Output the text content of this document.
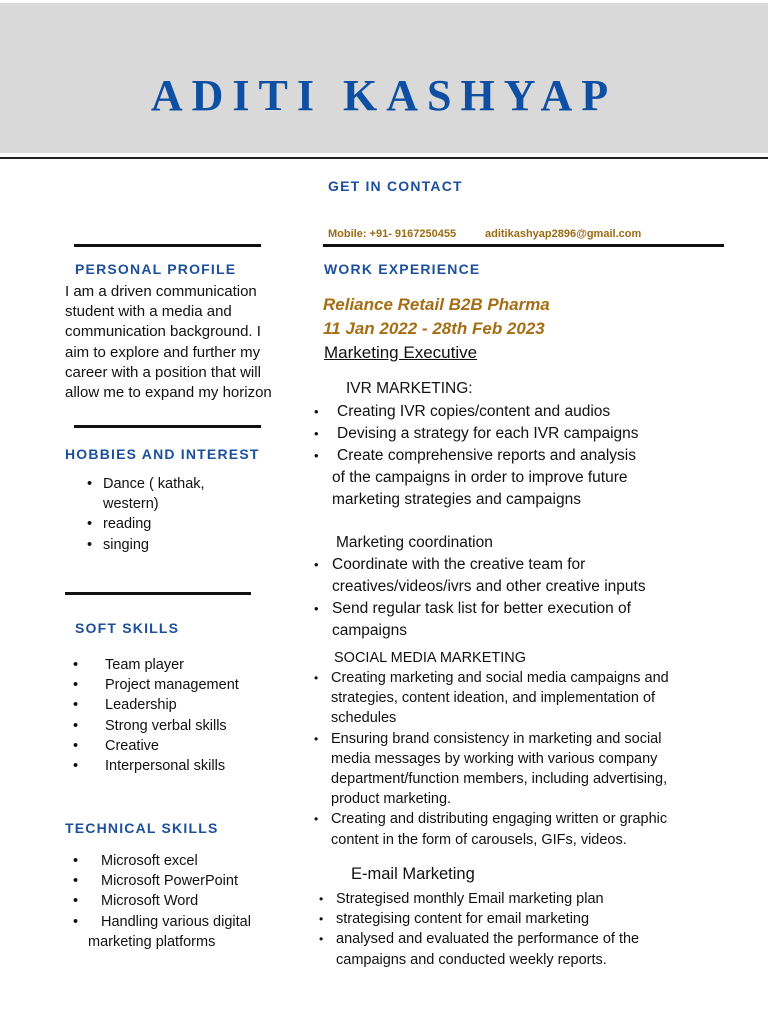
ADITI KASHYAP
GET IN CONTACT
Mobile: +91- 9167250455	aditikashyap2896@gmail.com
PERSONAL PROFILE
I am a driven communication
student with a media and
communication background. I
aim to explore and further my
career with a position that will
allow me to expand my horizon
HOBBIES AND INTEREST
• Dance ( kathak,
western)
• reading
• singing
SOFT SKILLS
• Team player
• Project management
• Leadership
• Strong verbal skills
• Creative
• Interpersonal skills
TECHNICAL SKILLS
• Microsoft excel
• Microsoft PowerPoint
• Microsoft Word
• Handling various digital
marketing platforms
WORK EXPERIENCE
Reliance Retail B2B Pharma
11 Jan 2022 - 28th Feb 2023
Marketing Executive
IVR MARKETING:
• Creating IVR copies/content and audios
• Devising a strategy for each IVR campaigns
• Create comprehensive reports and analysis
of the campaigns in order to improve future
marketing strategies and campaigns
Marketing coordination
• Coordinate with the creative team for
creatives/videos/ivrs and other creative inputs
• Send regular task list for better execution of
campaigns
SOCIAL MEDIA MARKETING
• Creating marketing and social media campaigns and
strategies, content ideation, and implementation of
schedules
• Ensuring brand consistency in marketing and social
media messages by working with various company
department/function members, including advertising,
product marketing.
• Creating and distributing engaging written or graphic
content in the form of carousels, GIFs, videos.
E-mail Marketing
• Strategised monthly Email marketing plan
• strategising content for email marketing
• analysed and evaluated the performance of the
campaigns and conducted weekly reports.
